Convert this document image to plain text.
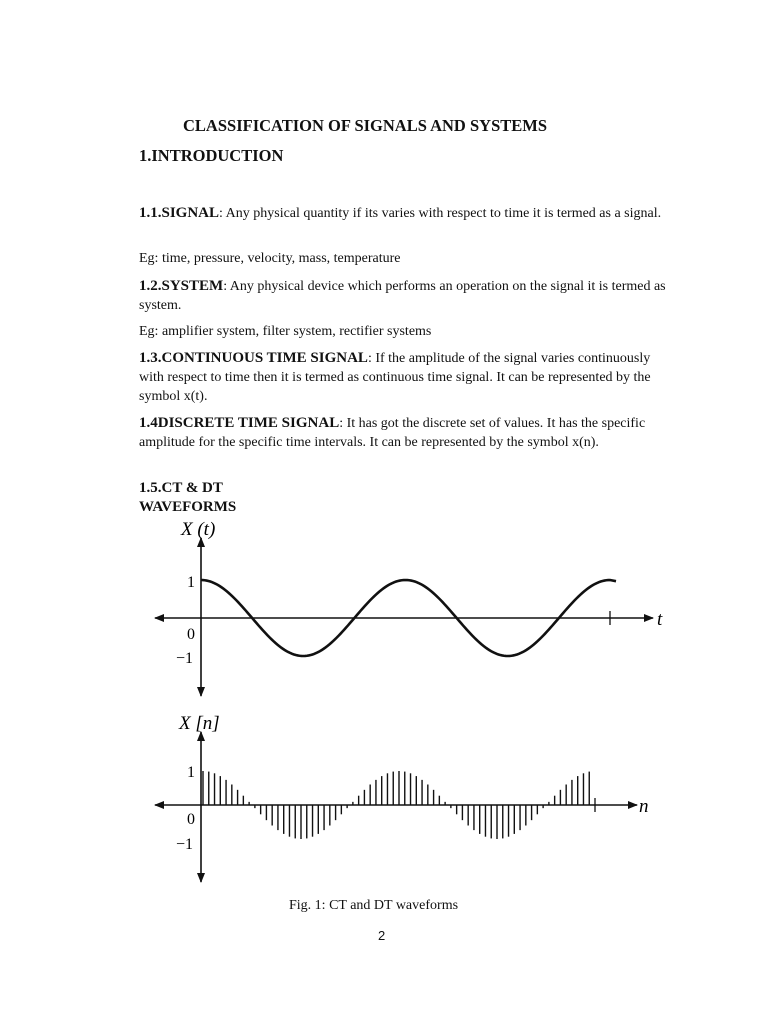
CLASSIFICATION OF SIGNALS AND SYSTEMS
1.INTRODUCTION

1.1.SIGNAL: Any physical quantity if its varies with respect to time it is termed as a signal.

Eg: time, pressure, velocity, mass, temperature

1.2.SYSTEM: Any physical device which performs an operation on the signal it is termed as system.

Eg: amplifier system, filter system, rectifier systems

1.3.CONTINUOUS TIME SIGNAL: If the amplitude of the signal varies continuously with respect to time then it is termed as continuous time signal. It can be represented by the symbol x(t).

1.4DISCRETE TIME SIGNAL: It has got the discrete set of values. It has the specific amplitude for the specific time intervals. It can be represented by the symbol x(n).

1.5.CT & DT
WAVEFORMS

X (t)
t
1
0
−1
X [n]
n
1
0
−1

Fig. 1: CT and DT waveforms

2
